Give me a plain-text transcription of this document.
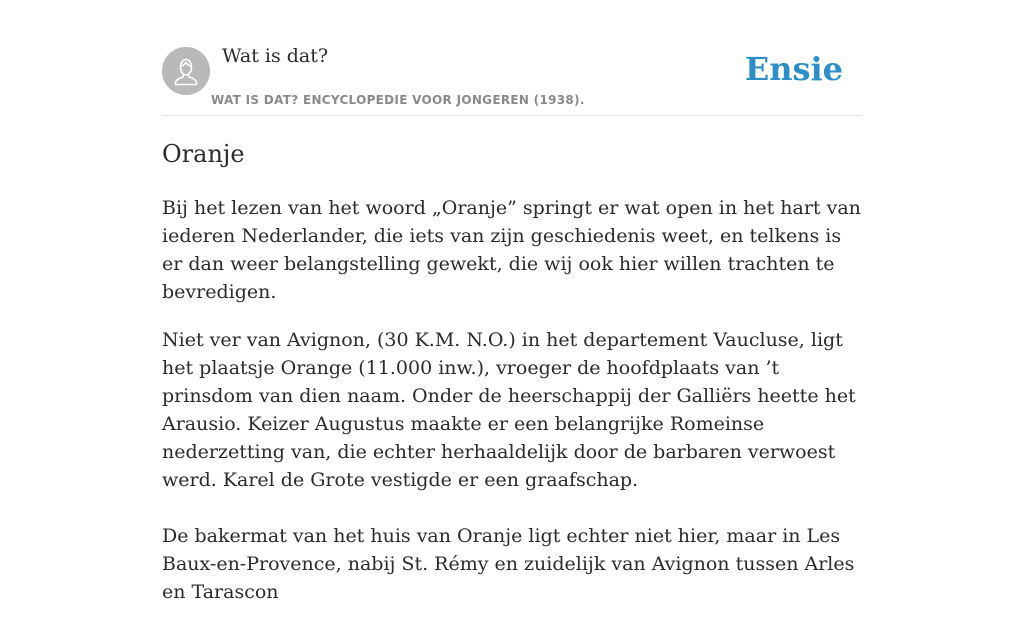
Wat is dat?
WAT IS DAT? ENCYCLOPEDIE VOOR JONGEREN (1938).
Ensie
Oranje

Bij het lezen van het woord „Oranje” springt er wat open in het hart van iederen Nederlander, die iets van zijn geschiedenis weet, en telkens is er dan weer belangstelling gewekt, die wij ook hier willen trachten te bevredigen.

Niet ver van Avignon, (30 K.M. N.O.) in het departement Vaucluse, ligt het plaatsje Orange (11.000 inw.), vroeger de hoofdplaats van ’t prinsdom van dien naam. Onder de heerschappij der Galliërs heette het Arausio. Keizer Augustus maakte er een belangrijke Romeinse nederzetting van, die echter herhaaldelijk door de barbaren verwoest werd. Karel de Grote vestigde er een graafschap.

De bakermat van het huis van Oranje ligt echter niet hier, maar in Les Baux-en-Provence, nabij St. Rémy en zuidelijk van Avignon tussen Arles en Tarascon
